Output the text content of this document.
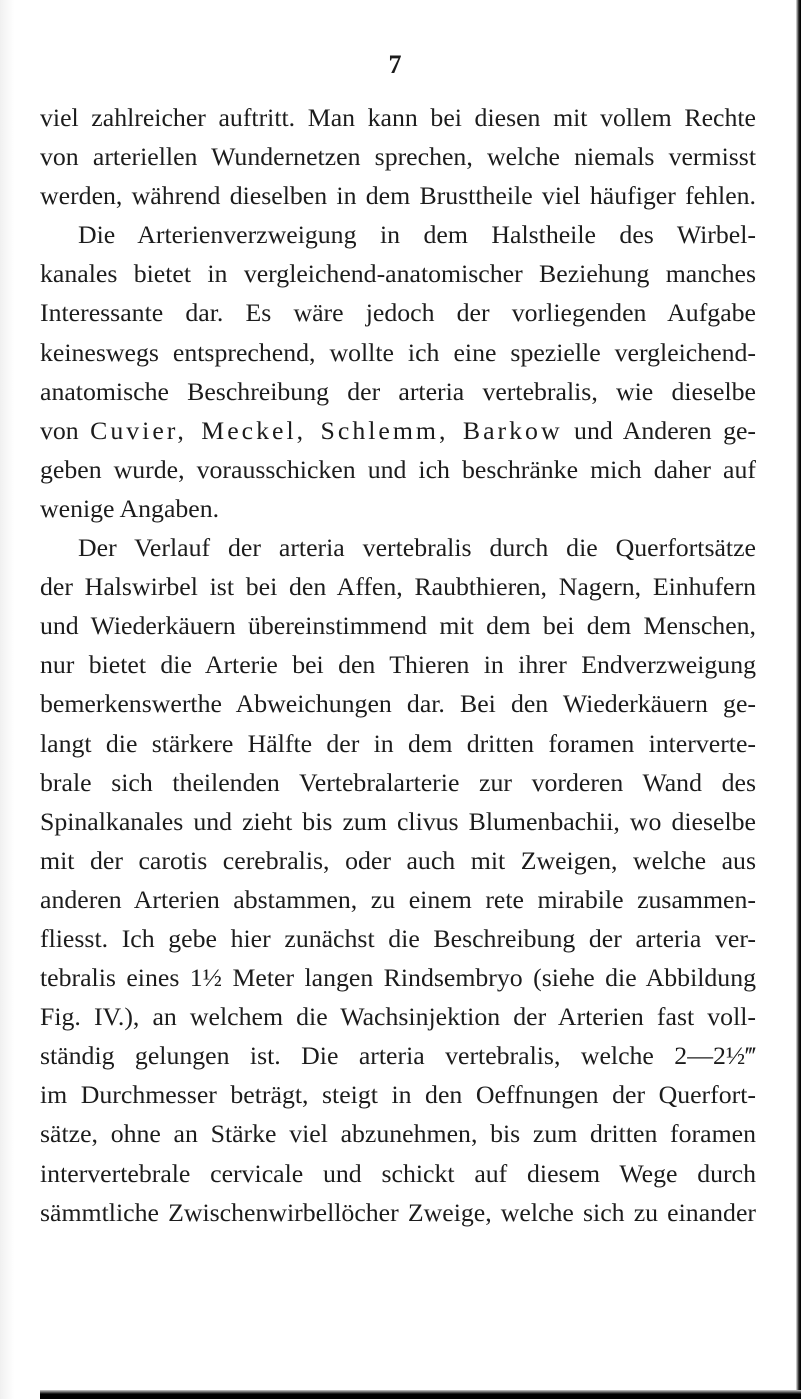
7
viel zahlreicher auftritt. Man kann bei diesen mit vollem Rechte
von arteriellen Wundernetzen sprechen, welche niemals vermisst
werden, während dieselben in dem Brusttheile viel häufiger fehlen.
Die Arterienverzweigung in dem Halstheile des Wirbel-
kanales bietet in vergleichend-anatomischer Beziehung manches
Interessante dar. Es wäre jedoch der vorliegenden Aufgabe
keineswegs entsprechend, wollte ich eine spezielle vergleichend-
anatomische Beschreibung der arteria vertebralis, wie dieselbe
von Cuvier, Meckel, Schlemm, Barkow und Anderen ge-
geben wurde, vorausschicken und ich beschränke mich daher auf
wenige Angaben.
Der Verlauf der arteria vertebralis durch die Querfortsätze
der Halswirbel ist bei den Affen, Raubthieren, Nagern, Einhufern
und Wiederkäuern übereinstimmend mit dem bei dem Menschen,
nur bietet die Arterie bei den Thieren in ihrer Endverzweigung
bemerkenswerthe Abweichungen dar. Bei den Wiederkäuern ge-
langt die stärkere Hälfte der in dem dritten foramen interverte-
brale sich theilenden Vertebralarterie zur vorderen Wand des
Spinalkanales und zieht bis zum clivus Blumenbachii, wo dieselbe
mit der carotis cerebralis, oder auch mit Zweigen, welche aus
anderen Arterien abstammen, zu einem rete mirabile zusammen-
fliesst. Ich gebe hier zunächst die Beschreibung der arteria ver-
tebralis eines 1½ Meter langen Rindsembryo (siehe die Abbildung
Fig. IV.), an welchem die Wachsinjektion der Arterien fast voll-
ständig gelungen ist. Die arteria vertebralis, welche 2—2½‴
im Durchmesser beträgt, steigt in den Oeffnungen der Querfort-
sätze, ohne an Stärke viel abzunehmen, bis zum dritten foramen
intervertebrale cervicale und schickt auf diesem Wege durch
sämmtliche Zwischenwirbellöcher Zweige, welche sich zu einander
